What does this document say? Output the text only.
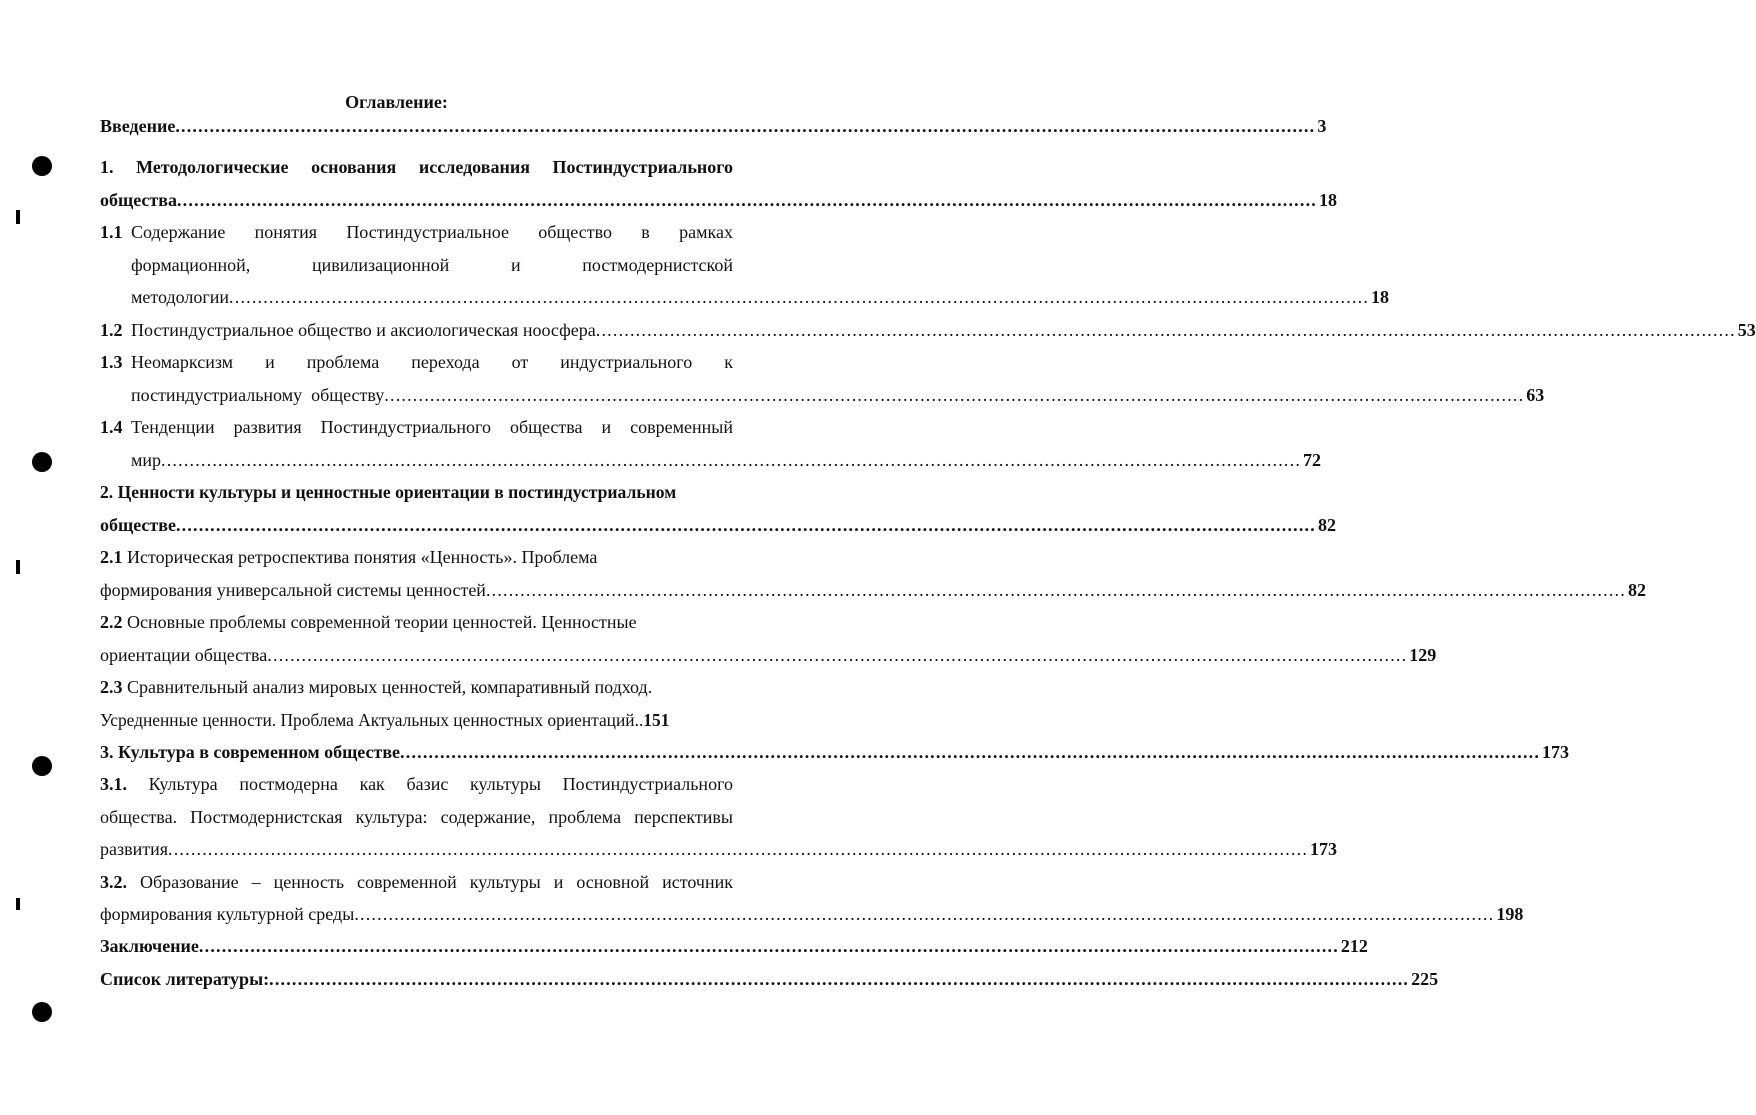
Оглавление:
Введение ........................................................................................................................................................................................................ 3
1. Методологические основания исследования Постиндустриального
общества ........................................................................................................................................................................................................ 18
1.1 Содержание понятия Постиндустриальное общество в рамках
формационной,	цивилизационной	и	постмодернистской
методологии ........................................................................................................................................................................................................ 18
1.2 Постиндустриальное общество и аксиологическая ноосфера ........................................................................................................................................................................................................ 53
1.3 Неомарксизм и проблема перехода от индустриального к
постиндустриальному  обществу ........................................................................................................................................................................................................ 63
1.4 Тенденции развития Постиндустриального общества и современный
мир ........................................................................................................................................................................................................ 72
2. Ценности культуры и ценностные ориентации в постиндустриальном
обществе ........................................................................................................................................................................................................ 82
2.1 Историческая ретроспектива понятия «Ценность». Проблема
формирования универсальной системы ценностей ........................................................................................................................................................................................................ 82
2.2 Основные проблемы современной теории ценностей. Ценностные
ориентации общества ........................................................................................................................................................................................................ 129
2.3 Сравнительный анализ мировых ценностей, компаративный подход.
Усредненные ценности. Проблема Актуальных ценностных ориентаций..151
3. Культура в современном обществе ........................................................................................................................................................................................................ 173
3.1. Культура постмодерна как базис культуры Постиндустриального
общества. Постмодернистская культура: содержание, проблема перспективы
развития ........................................................................................................................................................................................................ 173
3.2. Образование – ценность современной культуры и основной источник
формирования культурной среды ........................................................................................................................................................................................................ 198
Заключение ........................................................................................................................................................................................................ 212
Список литературы: ........................................................................................................................................................................................................ 225
